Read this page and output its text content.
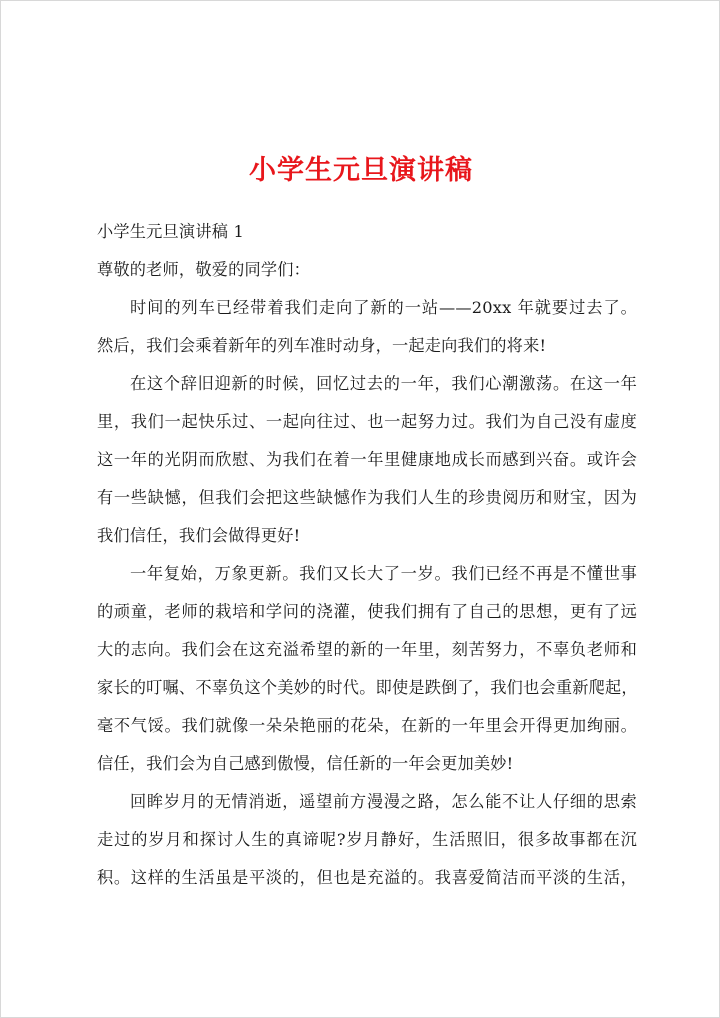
小学生元旦演讲稿
小学生元旦演讲稿 1
尊敬的老师，敬爱的同学们：
时间的列车已经带着我们走向了新的一站——20xx 年就要过去了。
然后，我们会乘着新年的列车准时动身，一起走向我们的将来!
在这个辞旧迎新的时候，回忆过去的一年，我们心潮激荡。在这一年
里，我们一起快乐过、一起向往过、也一起努力过。我们为自己没有虚度
这一年的光阴而欣慰、为我们在着一年里健康地成长而感到兴奋。或许会
有一些缺憾，但我们会把这些缺憾作为我们人生的珍贵阅历和财宝，因为
我们信任，我们会做得更好!
一年复始，万象更新。我们又长大了一岁。我们已经不再是不懂世事
的顽童，老师的栽培和学问的浇灌，使我们拥有了自己的思想，更有了远
大的志向。我们会在这充溢希望的新的一年里，刻苦努力，不辜负老师和
家长的叮嘱、不辜负这个美妙的时代。即使是跌倒了，我们也会重新爬起，
毫不气馁。我们就像一朵朵艳丽的花朵，在新的一年里会开得更加绚丽。
信任，我们会为自己感到傲慢，信任新的一年会更加美妙!
回眸岁月的无情消逝，遥望前方漫漫之路，怎么能不让人仔细的思索
走过的岁月和探讨人生的真谛呢?岁月静好，生活照旧，很多故事都在沉
积。这样的生活虽是平淡的，但也是充溢的。我喜爱简洁而平淡的生活，
